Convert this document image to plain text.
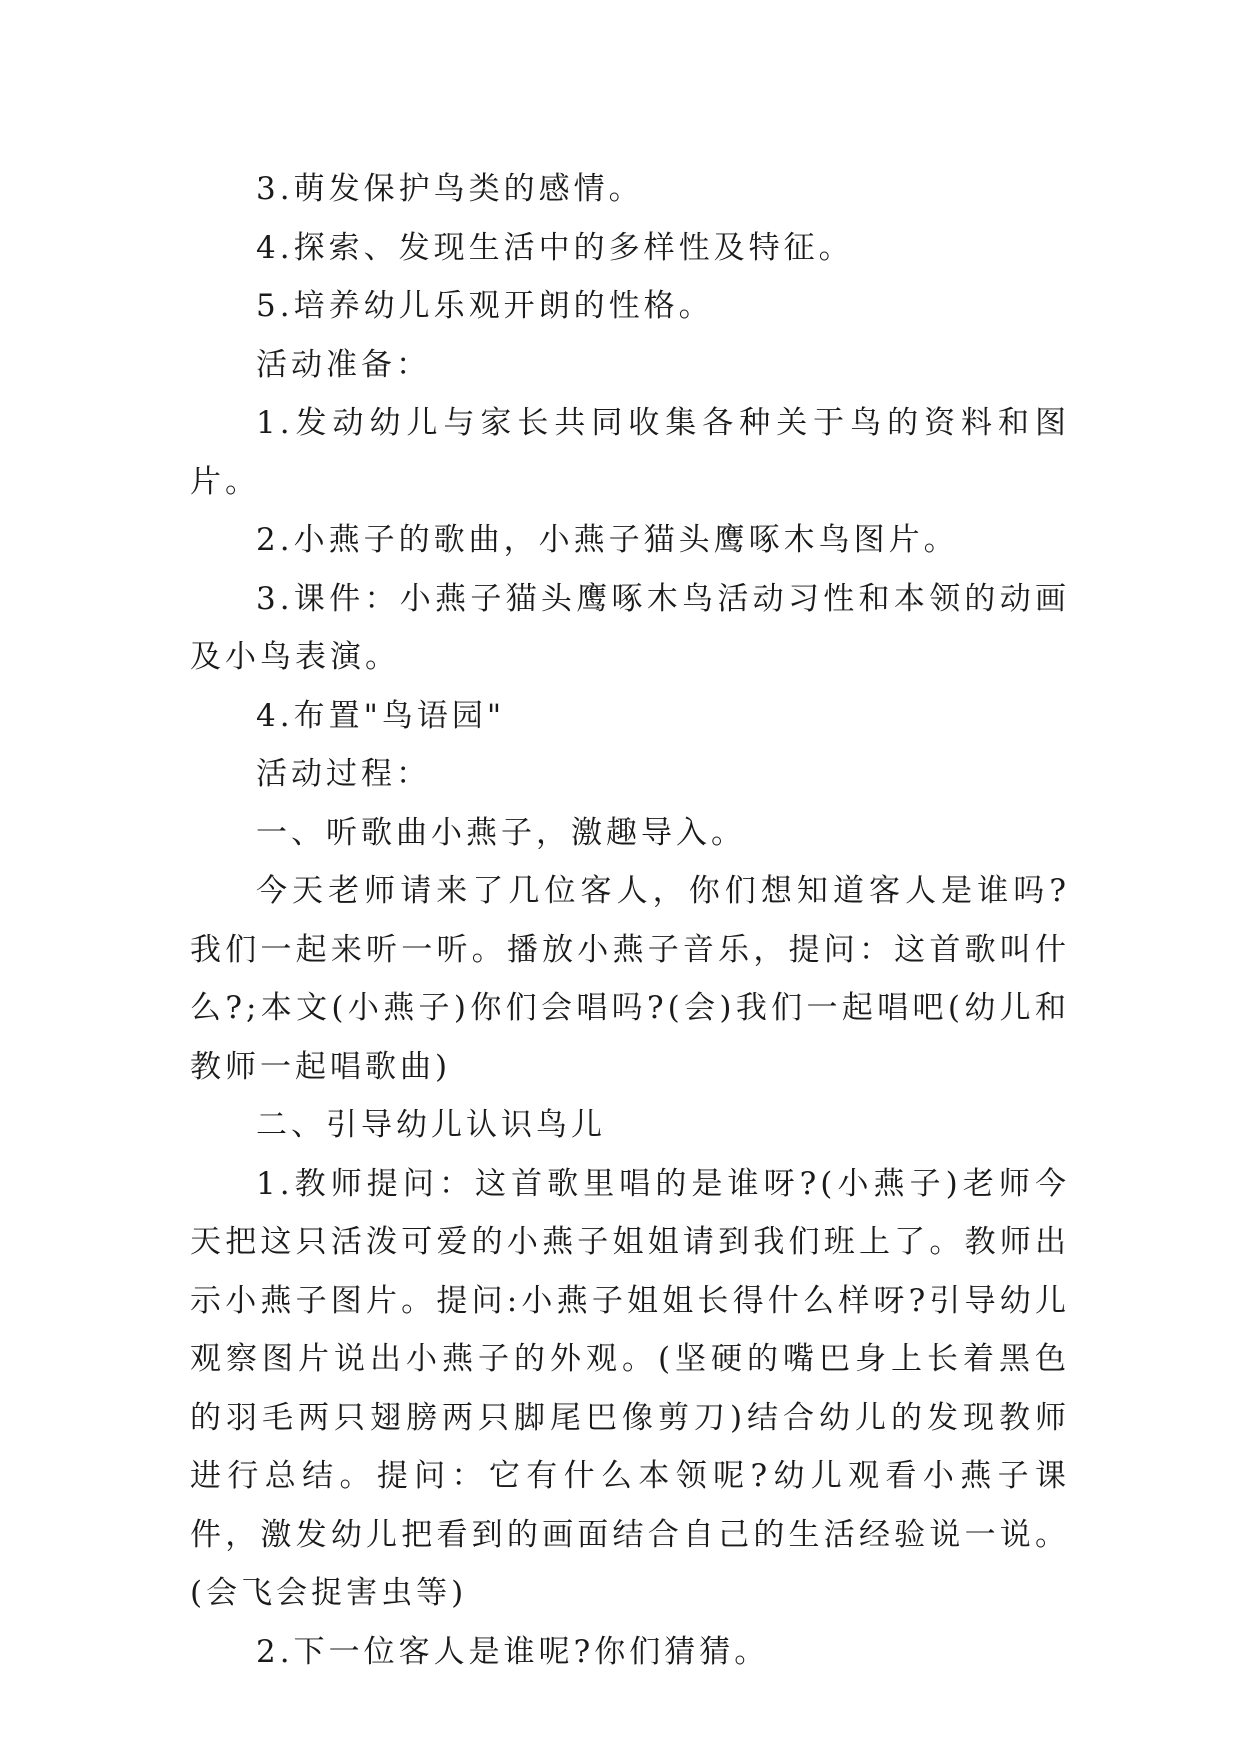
3.萌发保护鸟类的感情。

4.探索、发现生活中的多样性及特征。

5.培养幼儿乐观开朗的性格。

活动准备：

1.发动幼儿与家长共同收集各种关于鸟的资料和图片。

2.小燕子的歌曲，小燕子猫头鹰啄木鸟图片。

3.课件：小燕子猫头鹰啄木鸟活动习性和本领的动画及小鸟表演。

4.布置"鸟语园"

活动过程：

一、听歌曲小燕子，激趣导入。

今天老师请来了几位客人，你们想知道客人是谁吗?我们一起来听一听。播放小燕子音乐，提问：这首歌叫什么?;本文(小燕子)你们会唱吗?(会)我们一起唱吧(幼儿和教师一起唱歌曲)

二、引导幼儿认识鸟儿

1.教师提问：这首歌里唱的是谁呀?(小燕子)老师今天把这只活泼可爱的小燕子姐姐请到我们班上了。教师出示小燕子图片。提问:小燕子姐姐长得什么样呀?引导幼儿观察图片说出小燕子的外观。(坚硬的嘴巴身上长着黑色的羽毛两只翅膀两只脚尾巴像剪刀)结合幼儿的发现教师进行总结。提问：它有什么本领呢?幼儿观看小燕子课件，激发幼儿把看到的画面结合自己的生活经验说一说。(会飞会捉害虫等)

2.下一位客人是谁呢?你们猜猜。
